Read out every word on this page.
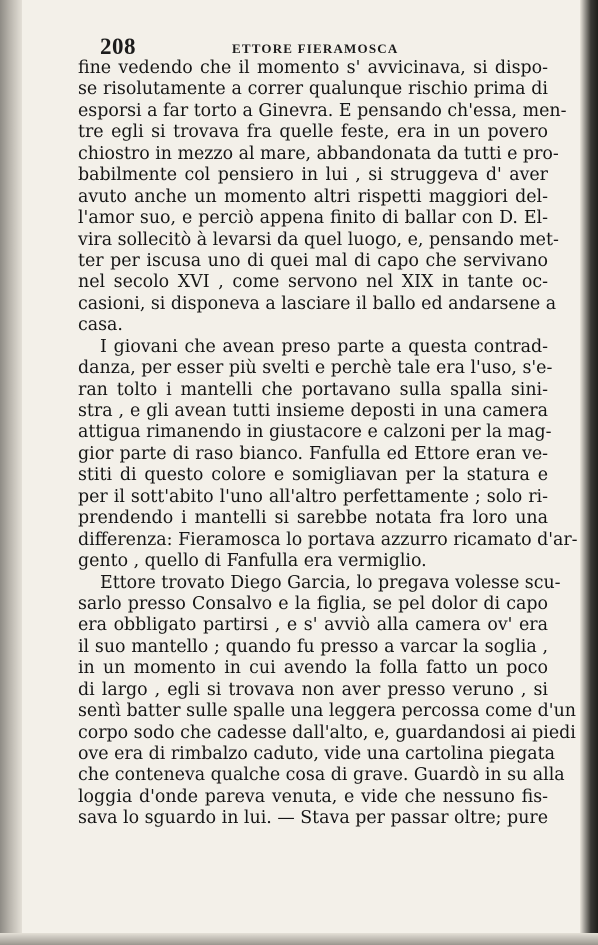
208	ETTORE FIERAMOSCA
fine vedendo che il momento s' avvicinava, si dispo-
se risolutamente a correr qualunque rischio prima di
esporsi a far torto a Ginevra. E pensando ch'essa, men-
tre egli si trovava fra quelle feste, era in un povero
chiostro in mezzo al mare, abbandonata da tutti e pro-
babilmente col pensiero in lui , si struggeva d' aver
avuto anche un momento altri rispetti maggiori del-
l'amor suo, e perciò appena finito di ballar con D. El-
vira sollecitò à levarsi da quel luogo, e, pensando met-
ter per iscusa uno di quei mal di capo che servivano
nel secolo XVI , come servono nel XIX in tante oc-
casioni, si disponeva a lasciare il ballo ed andarsene a
casa.
I giovani che avean preso parte a questa contrad-
danza, per esser più svelti e perchè tale era l'uso, s'e-
ran tolto i mantelli che portavano sulla spalla sini-
stra , e gli avean tutti insieme deposti in una camera
attigua rimanendo in giustacore e calzoni per la mag-
gior parte di raso bianco. Fanfulla ed Ettore eran ve-
stiti di questo colore e somigliavan per la statura e
per il sott'abito l'uno all'altro perfettamente ; solo ri-
prendendo i mantelli si sarebbe notata fra loro una
differenza: Fieramosca lo portava azzurro ricamato d'ar-
gento , quello di Fanfulla era vermiglio.
Ettore trovato Diego Garcia, lo pregava volesse scu-
sarlo presso Consalvo e la figlia, se pel dolor di capo
era obbligato partirsi , e s' avviò alla camera ov' era
il suo mantello ; quando fu presso a varcar la soglia ,
in un momento in cui avendo la folla fatto un poco
di largo , egli si trovava non aver presso veruno , si
sentì batter sulle spalle una leggera percossa come d'un
corpo sodo che cadesse dall'alto, e, guardandosi ai piedi
ove era di rimbalzo caduto, vide una cartolina piegata
che conteneva qualche cosa di grave. Guardò in su alla
loggia d'onde pareva venuta, e vide che nessuno fis-
sava lo sguardo in lui. — Stava per passar oltre; pure
